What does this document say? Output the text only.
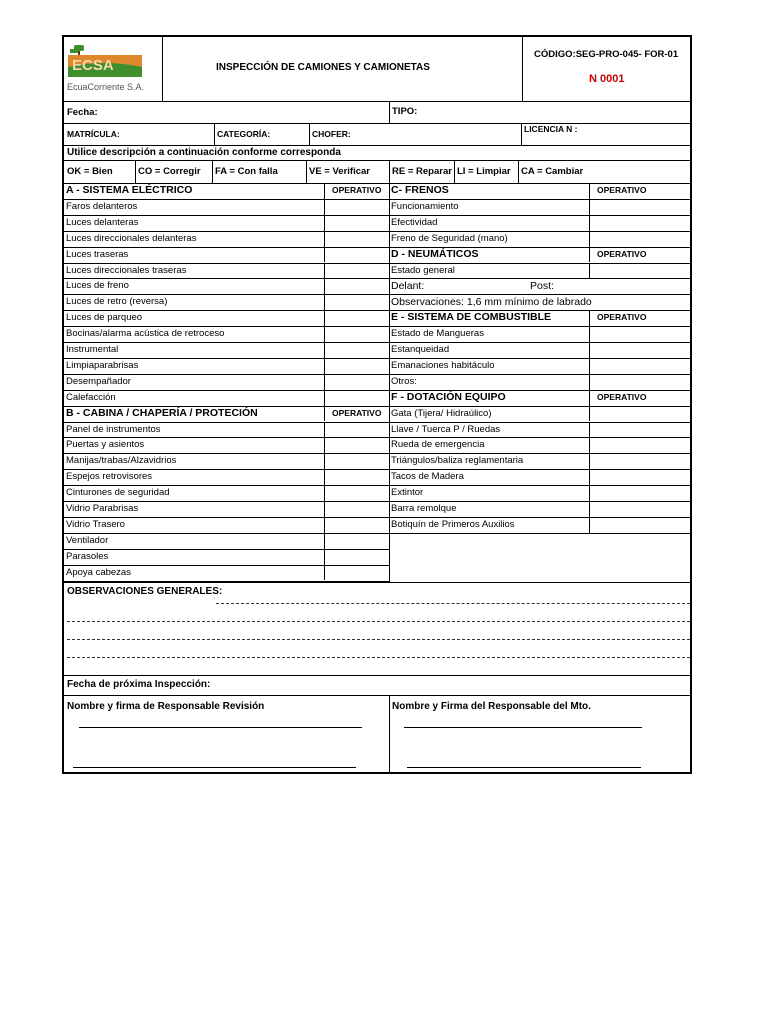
ECSA
EcuaCorriente S.A.
INSPECCIÓN DE CAMIONES Y CAMIONETAS
CÓDIGO:SEG-PRO-045- FOR-01
N 0001
Fecha:	TIPO:
MATRÍCULA:	CATEGORÍA:	CHOFER:	LICENCIA N :
Utilice descripción a continuación conforme corresponda
OK = Bien	CO = Corregir FA = Con falla	VE = Verificar RE = Reparar LI = Limpiar CA = Cambiar
A - SISTEMA ELÉCTRICO	OPERATIVO
Faros delanteros
Luces delanteras
Luces direccionales delanteras
Luces traseras
Luces direccionales traseras
Luces de freno
Luces de retro (reversa)
Luces de parqueo
Bocinas/alarma acústica de retroceso
Instrumental
Limpiaparabrisas
Desempañador
Calefacción
B - CABINA / CHAPERÍA / PROTECIÓN	OPERATIVO
Panel de instrumentos
Puertas y asientos
Manijas/trabas/Alzavidrios
Espejos retrovisores
Cinturones de seguridad
Vidrio Parabrisas
Vidrio Trasero
Ventilador
Parasoles
Apoya cabezas
C- FRENOS	OPERATIVO
Funcionamiento
Efectividad
Freno de Seguridad (mano)
D - NEUMÁTICOS	OPERATIVO
Estado general
Delant:	Post:
Observaciones: 1,6 mm mínimo de labrado
E - SISTEMA DE COMBUSTIBLE	OPERATIVO
Estado de Mangueras
Estanqueidad
Emanaciones habitáculo
Otros:
F - DOTACIÓN EQUIPO	OPERATIVO
Gata (Tijera/ Hidraúlico)
Llave / Tuerca P / Ruedas
Rueda de emergencia
Triángulos/baliza reglamentaria
Tacos de Madera
Extintor
Barra remolque
Botiquín de Primeros Auxilios
OBSERVACIONES GENERALES:
Fecha de próxima Inspección:
Nombre y firma de Responsable Revisión	Nombre y Firma del Responsable del Mto.
